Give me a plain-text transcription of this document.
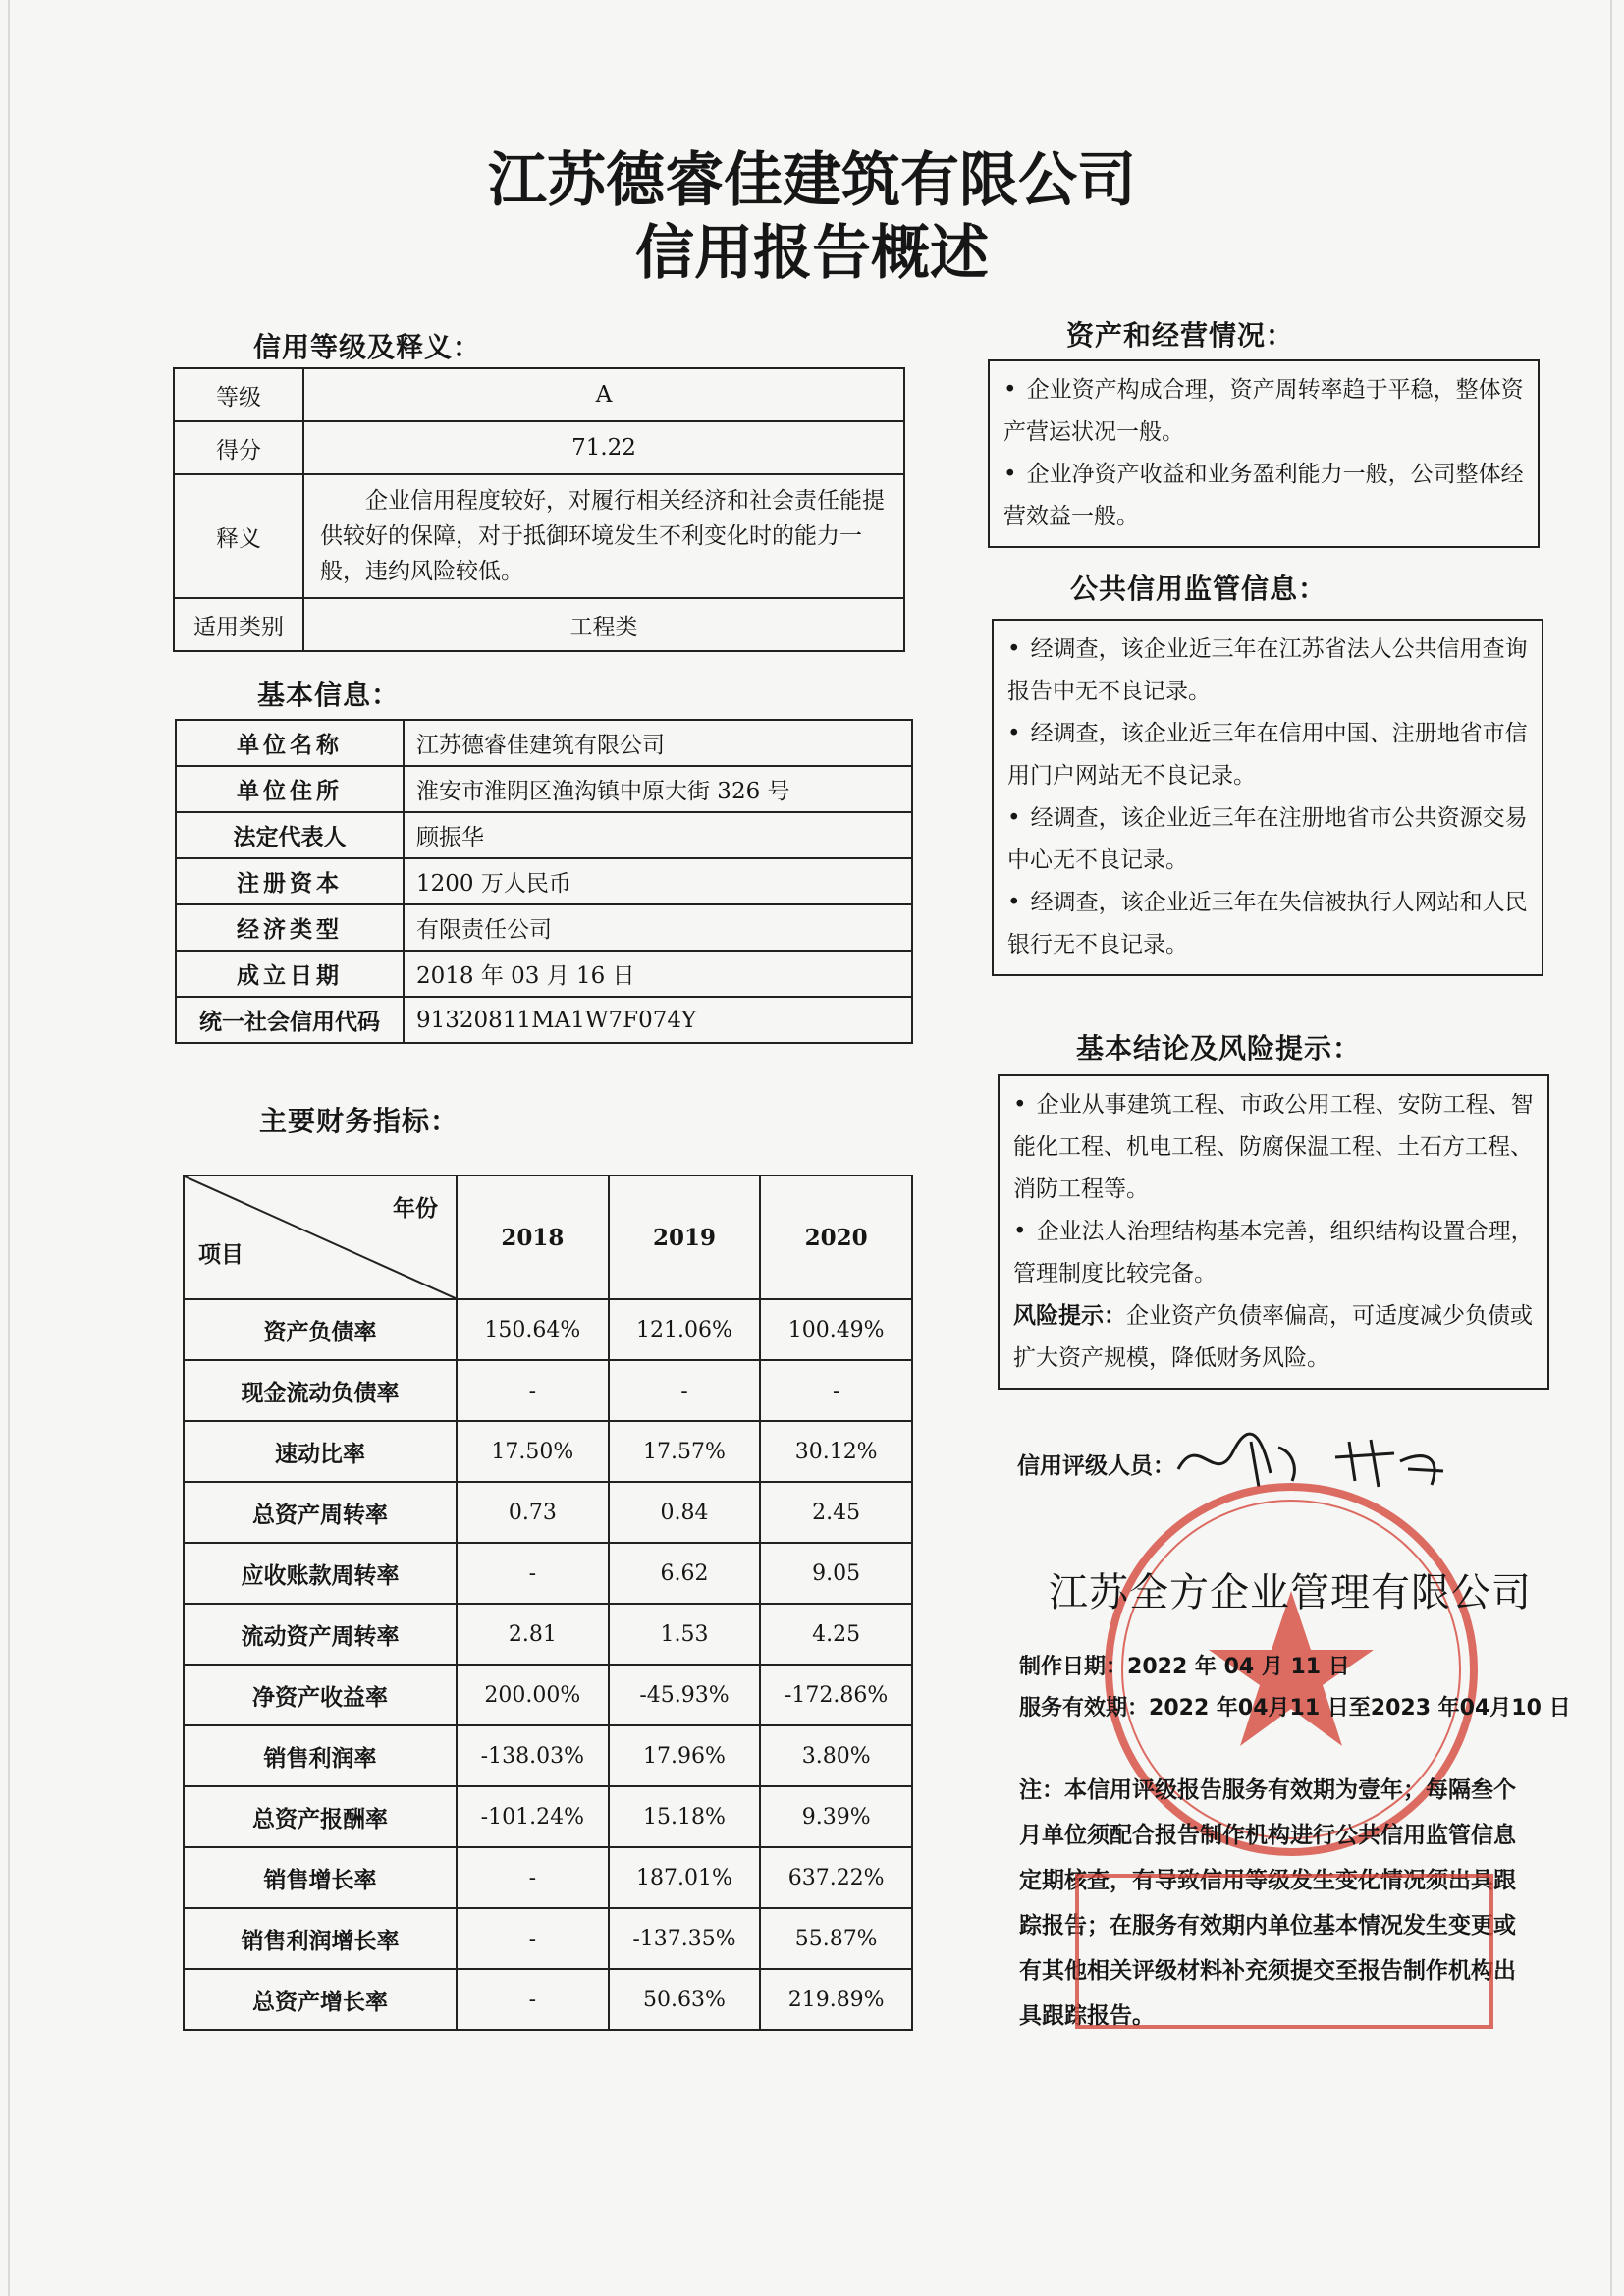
江苏德睿佳建筑有限公司
信用报告概述
信用等级及释义：
等级	A
得分	71.22
释义	企业信用程度较好，对履行相关经济和社会责任能提供较好的保障，对于抵御环境发生不利变化时的能力一般，违约风险较低。
适用类别	工程类
基本信息：
单位名称	江苏德睿佳建筑有限公司
单位住所	淮安市淮阴区渔沟镇中原大街 326 号
法定代表人	顾振华
注册资本	1200 万人民币
经济类型	有限责任公司
成立日期	2018 年 03 月 16 日
统一社会信用代码	91320811MA1W7F074Y
主要财务指标：
年份
项目	2018	2019	2020
资产负债率	150.64%	121.06%	100.49%
现金流动负债率	-	-	-
速动比率	17.50%	17.57%	30.12%
总资产周转率	0.73	0.84	2.45
应收账款周转率	-	6.62	9.05
流动资产周转率	2.81	1.53	4.25
净资产收益率	200.00%	-45.93%	-172.86%
销售利润率	-138.03%	17.96%	3.80%
总资产报酬率	-101.24%	15.18%	9.39%
销售增长率	-	187.01%	637.22%
销售利润增长率	-	-137.35%	55.87%
总资产增长率	-	50.63%	219.89%
资产和经营情况：
• 企业资产构成合理，资产周转率趋于平稳，整体资产营运状况一般。
• 企业净资产收益和业务盈利能力一般，公司整体经营效益一般。
公共信用监管信息：
• 经调查，该企业近三年在江苏省法人公共信用查询报告中无不良记录。
• 经调查，该企业近三年在信用中国、注册地省市信用门户网站无不良记录。
• 经调查，该企业近三年在注册地省市公共资源交易中心无不良记录。
• 经调查，该企业近三年在失信被执行人网站和人民银行无不良记录。
基本结论及风险提示：
• 企业从事建筑工程、市政公用工程、安防工程、智能化工程、机电工程、防腐保温工程、土石方工程、消防工程等。
• 企业法人治理结构基本完善，组织结构设置合理，管理制度比较完备。
风险提示：企业资产负债率偏高，可适度减少负债或扩大资产规模，降低财务风险。
信用评级人员：
江苏全方企业管理有限公司
制作日期：2022 年 04 月 11 日
服务有效期：2022 年04月11 日至2023 年04月10 日
注：本信用评级报告服务有效期为壹年；每隔叁个月单位须配合报告制作机构进行公共信用监管信息定期核查，有导致信用等级发生变化情况须出具跟踪报告；在服务有效期内单位基本情况发生变更或有其他相关评级材料补充须提交至报告制作机构出具跟踪报告。
